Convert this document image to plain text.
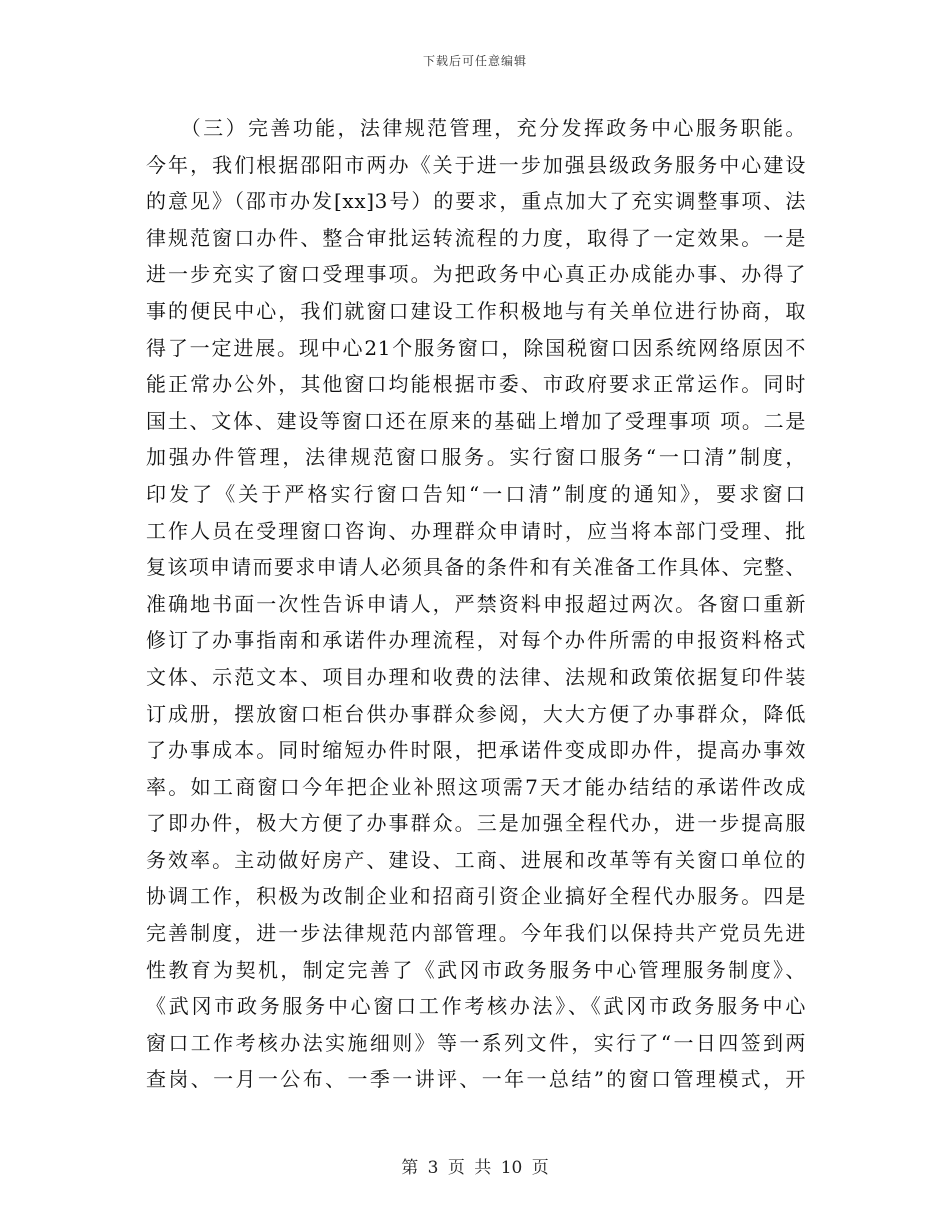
下载后可任意编辑
　　（三）完善功能，法律规范管理，充分发挥政务中心服务职能。
今年，我们根据邵阳市两办《关于进一步加强县级政务服务中心建设
的意见》（邵市办发[xx]3号）的要求，重点加大了充实调整事项、法
律规范窗口办件、整合审批运转流程的力度，取得了一定效果。一是
进一步充实了窗口受理事项。为把政务中心真正办成能办事、办得了
事的便民中心，我们就窗口建设工作积极地与有关单位进行协商，取
得了一定进展。现中心21个服务窗口，除国税窗口因系统网络原因不
能正常办公外，其他窗口均能根据市委、市政府要求正常运作。同时
国土、文体、建设等窗口还在原来的基础上增加了受理事项 项。二是
加强办件管理，法律规范窗口服务。实行窗口服务“一口清”制度，
印发了《关于严格实行窗口告知“一口清”制度的通知》，要求窗口
工作人员在受理窗口咨询、办理群众申请时，应当将本部门受理、批
复该项申请而要求申请人必须具备的条件和有关准备工作具体、完整、
准确地书面一次性告诉申请人，严禁资料申报超过两次。各窗口重新
修订了办事指南和承诺件办理流程，对每个办件所需的申报资料格式
文体、示范文本、项目办理和收费的法律、法规和政策依据复印件装
订成册，摆放窗口柜台供办事群众参阅，大大方便了办事群众，降低
了办事成本。同时缩短办件时限，把承诺件变成即办件，提高办事效
率。如工商窗口今年把企业补照这项需7天才能办结结的承诺件改成
了即办件，极大方便了办事群众。三是加强全程代办，进一步提高服
务效率。主动做好房产、建设、工商、进展和改革等有关窗口单位的
协调工作，积极为改制企业和招商引资企业搞好全程代办服务。四是
完善制度，进一步法律规范内部管理。今年我们以保持共产党员先进
性教育为契机，制定完善了《武冈市政务服务中心管理服务制度》、
《武冈市政务服务中心窗口工作考核办法》、《武冈市政务服务中心
窗口工作考核办法实施细则》等一系列文件，实行了“一日四签到两
查岗、一月一公布、一季一讲评、一年一总结”的窗口管理模式，开
第 3 页 共 10 页
